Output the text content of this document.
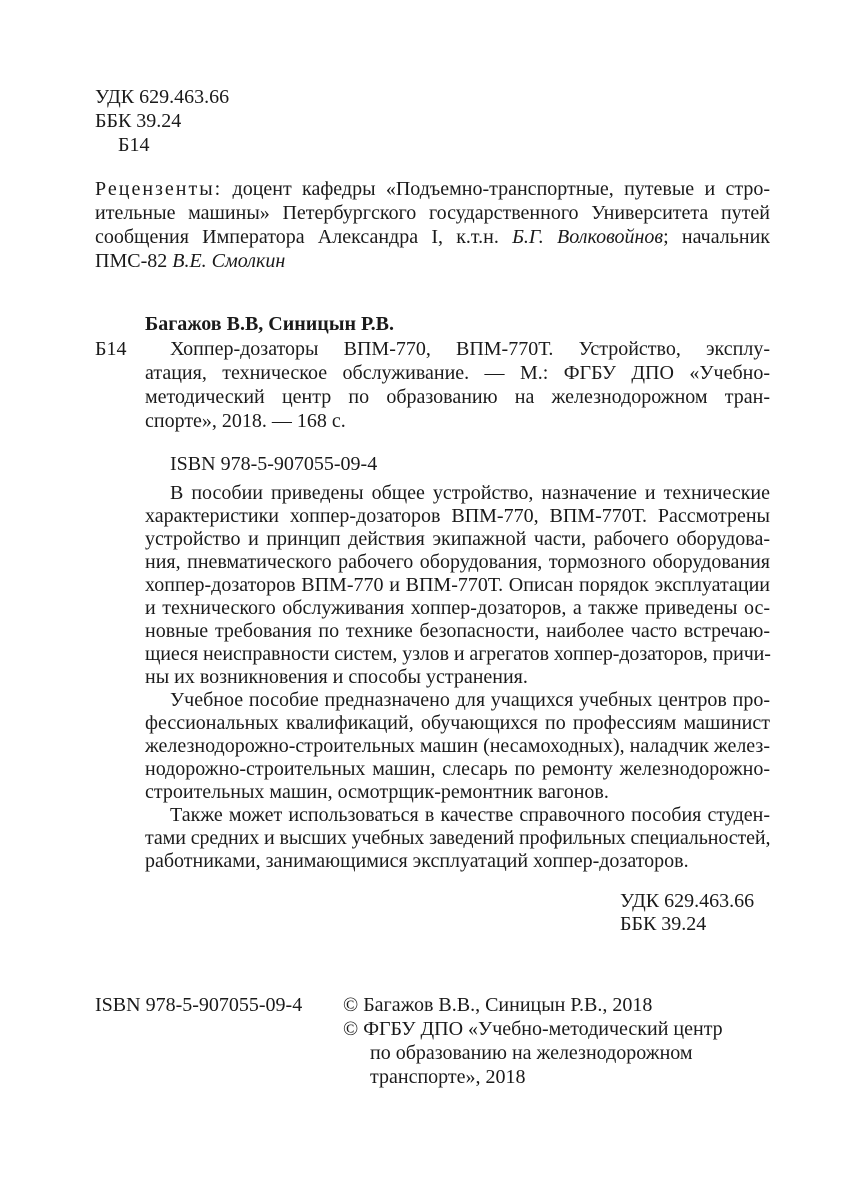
УДК 629.463.66
ББК 39.24
Б14
Рецензенты: доцент кафедры «Подъемно-транспортные, путевые и стро-
ительные машины» Петербургского государственного Университета путей
сообщения Императора Александра I, к.т.н. Б.Г. Волковойнов; начальник
ПМС-82 В.Е. Смолкин
Багажов В.В, Синицын Р.В.
Б14	Хоппер-дозаторы ВПМ-770, ВПМ-770Т. Устройство, эксплу-
атация, техническое обслуживание. — М.: ФГБУ ДПО «Учебно-
методический центр по образованию на железнодорожном тран-
спорте», 2018. — 168 с.
ISBN 978-5-907055-09-4
В пособии приведены общее устройство, назначение и технические
характеристики хоппер-дозаторов ВПМ-770, ВПМ-770Т. Рассмотрены
устройство и принцип действия экипажной части, рабочего оборудова-
ния, пневматического рабочего оборудования, тормозного оборудования
хоппер-дозаторов ВПМ-770 и ВПМ-770Т. Описан порядок эксплуатации
и технического обслуживания хоппер-дозаторов, а также приведены ос-
новные требования по технике безопасности, наиболее часто встречаю-
щиеся неисправности систем, узлов и агрегатов хоппер-дозаторов, причи-
ны их возникновения и способы устранения.
Учебное пособие предназначено для учащихся учебных центров про-
фессиональных квалификаций, обучающихся по профессиям машинист
железнодорожно-строительных машин (несамоходных), наладчик желез-
нодорожно-строительных машин, слесарь по ремонту железнодорожно-
строительных машин, осмотрщик-ремонтник вагонов.
Также может использоваться в качестве справочного пособия студен-
тами средних и высших учебных заведений профильных специальностей,
работниками, занимающимися эксплуатаций хоппер-дозаторов.
УДК 629.463.66
ББК 39.24
ISBN 978-5-907055-09-4 © Багажов В.В., Синицын Р.В., 2018
© ФГБУ ДПО «Учебно-методический центр
по образованию на железнодорожном
транспорте», 2018
